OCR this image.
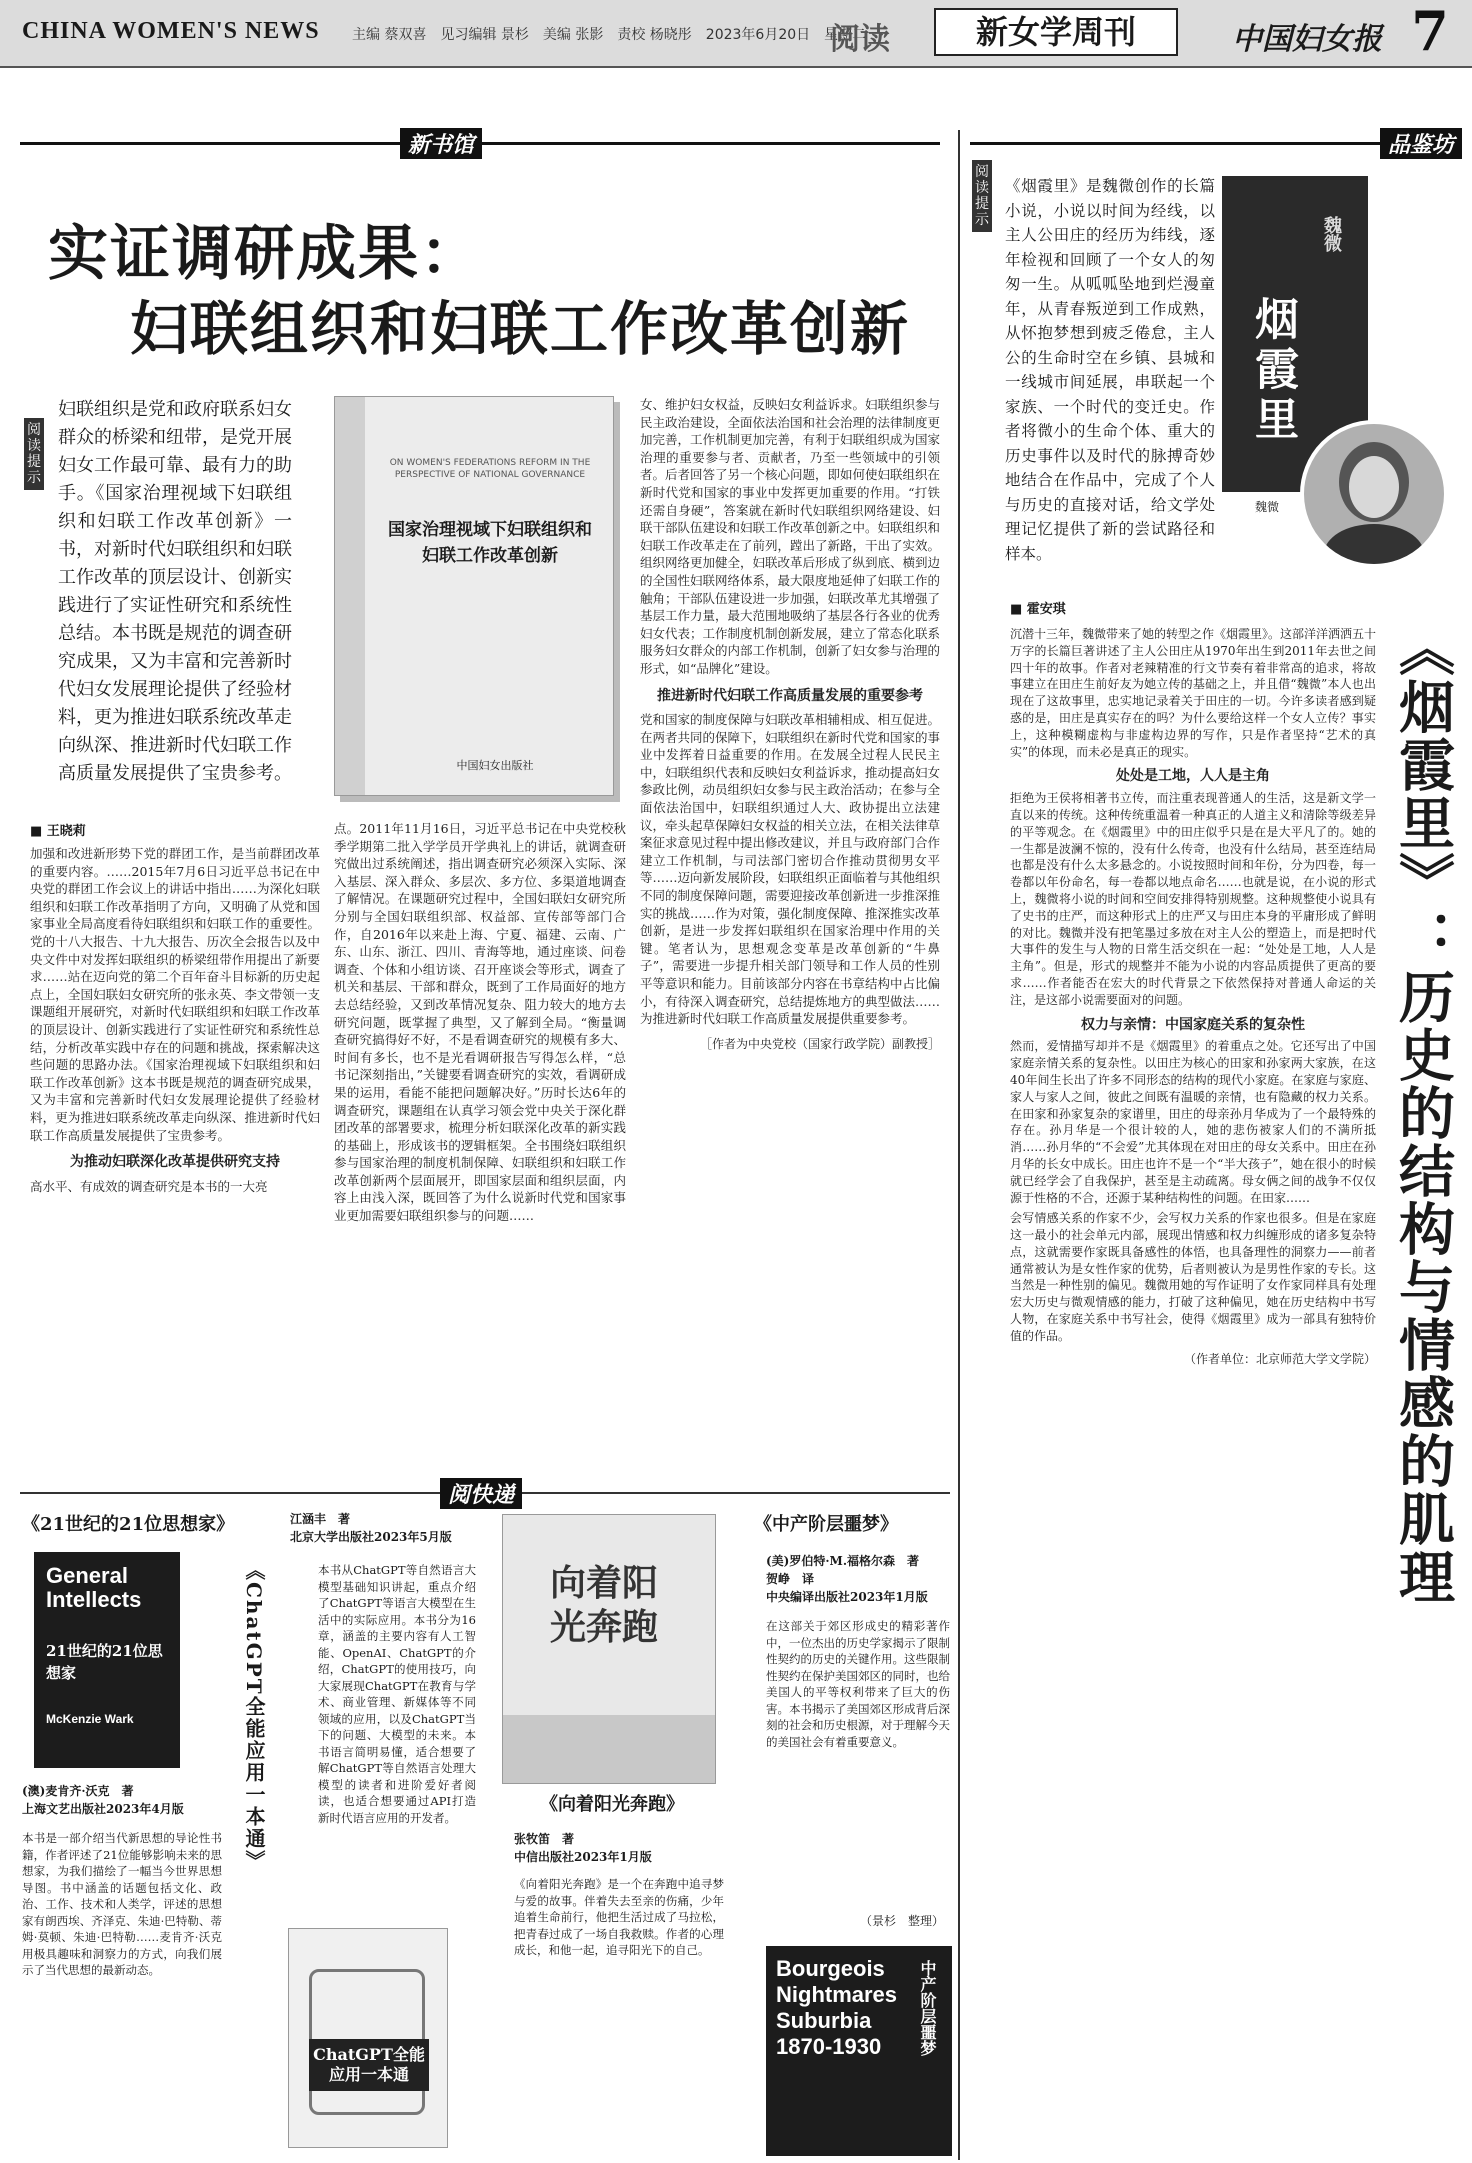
CHINA WOMEN'S NEWS 主编 蔡双喜　见习编辑 景杉　美编 张影　责校 杨晓彤　2023年6月20日　星期二
阅读	新女学周刊	中国妇女报 7
新书馆
实证调研成果：
妇联组织和妇联工作改革创新
阅读提示
妇联组织是党和政府联系妇女群众的桥梁和纽带，是党开展妇女工作最可靠、最有力的助手。《国家治理视域下妇联组织和妇联工作改革创新》一书，对新时代妇联组织和妇联工作改革的顶层设计、创新实践进行了实证性研究和系统性总结。本书既是规范的调查研究成果，又为丰富和完善新时代妇女发展理论提供了经验材料，更为推进妇联系统改革走向纵深、推进新时代妇联工作高质量发展提供了宝贵参考。
ON WOMEN'S FEDERATIONS REFORM IN THE PERSPECTIVE OF NATIONAL GOVERNANCE
国家治理视域下妇联组织和妇联工作改革创新
中国妇女出版社
■ 王晓莉
加强和改进新形势下党的群团工作，是当前群团改革的重要内容。……2015年7月6日习近平总书记在中央党的群团工作会议上的讲话中指出……为深化妇联组织和妇联工作改革指明了方向，又明确了从党和国家事业全局高度看待妇联组织和妇联工作的重要性。党的十八大报告、十九大报告、历次全会报告以及中央文件中对发挥妇联组织的桥梁纽带作用提出了新要求……站在迈向党的第二个百年奋斗目标新的历史起点上，全国妇联妇女研究所的张永英、李文带领一支课题组开展研究，对新时代妇联组织和妇联工作改革的顶层设计、创新实践进行了实证性研究和系统性总结，分析改革实践中存在的问题和挑战，探索解决这些问题的思路办法。《国家治理视域下妇联组织和妇联工作改革创新》这本书既是规范的调查研究成果，又为丰富和完善新时代妇女发展理论提供了经验材料，更为推进妇联系统改革走向纵深、推进新时代妇联工作高质量发展提供了宝贵参考。
为推动妇联深化改革提供研究支持
高水平、有成效的调查研究是本书的一大亮
点。2011年11月16日，习近平总书记在中央党校秋季学期第二批入学学员开学典礼上的讲话，就调查研究做出过系统阐述，指出调查研究必须深入实际、深入基层、深入群众、多层次、多方位、多渠道地调查了解情况。在课题研究过程中，全国妇联妇女研究所分别与全国妇联组织部、权益部、宣传部等部门合作，自2016年以来赴上海、宁夏、福建、云南、广东、山东、浙江、四川、青海等地，通过座谈、问卷调查、个体和小组访谈、召开座谈会等形式，调查了机关和基层、干部和群众，既到了工作局面好的地方去总结经验，又到改革情况复杂、阻力较大的地方去研究问题，既掌握了典型，又了解到全局。“衡量调查研究搞得好不好，不是看调查研究的规模有多大、时间有多长，也不是光看调研报告写得怎么样，“总书记深刻指出，”关键要看调查研究的实效，看调研成果的运用，看能不能把问题解决好。”历时长达6年的调查研究，课题组在认真学习领会党中央关于深化群团改革的部署要求，梳理分析妇联深化改革的新实践的基础上，形成该书的逻辑框架。全书围绕妇联组织参与国家治理的制度机制保障、妇联组织和妇联工作改革创新两个层面展开，即国家层面和组织层面，内容上由浅入深，既回答了为什么说新时代党和国家事业更加需要妇联组织参与的问题……
女、维护妇女权益，反映妇女利益诉求。妇联组织参与民主政治建设，全面依法治国和社会治理的法律制度更加完善，工作机制更加完善，有利于妇联组织成为国家治理的重要参与者、贡献者，乃至一些领域中的引领者。后者回答了另一个核心问题，即如何使妇联组织在新时代党和国家的事业中发挥更加重要的作用。“打铁还需自身硬”，答案就在新时代妇联组织网络建设、妇联干部队伍建设和妇联工作改革创新之中。妇联组织和妇联工作改革走在了前列，蹚出了新路，干出了实效。组织网络更加健全，妇联改革后形成了纵到底、横到边的全国性妇联网络体系，最大限度地延伸了妇联工作的触角；干部队伍建设进一步加强，妇联改革尤其增强了基层工作力量，最大范围地吸纳了基层各行各业的优秀妇女代表；工作制度机制创新发展，建立了常态化联系服务妇女群众的内部工作机制，创新了妇女参与治理的形式，如“品牌化”建设。
推进新时代妇联工作高质量发展的重要参考
党和国家的制度保障与妇联改革相辅相成、相互促进。在两者共同的保障下，妇联组织在新时代党和国家的事业中发挥着日益重要的作用。在发展全过程人民民主中，妇联组织代表和反映妇女利益诉求，推动提高妇女参政比例，动员组织妇女参与民主政治活动；在参与全面依法治国中，妇联组织通过人大、政协提出立法建议，牵头起草保障妇女权益的相关立法，在相关法律草案征求意见过程中提出修改建议，并且与政府部门合作建立工作机制，与司法部门密切合作推动贯彻男女平等……迈向新发展阶段，妇联组织正面临着与其他组织不同的制度保障问题，需要迎接改革创新进一步推深推实的挑战……作为对策，强化制度保障、推深推实改革创新，是进一步发挥妇联组织在国家治理中作用的关键。笔者认为，思想观念变革是改革创新的“牛鼻子”，需要进一步提升相关部门领导和工作人员的性别平等意识和能力。目前该部分内容在书章结构中占比偏小，有待深入调查研究，总结提炼地方的典型做法……为推进新时代妇联工作高质量发展提供重要参考。
［作者为中央党校（国家行政学院）副教授］
品鉴坊
阅读提示
《烟霞里》是魏微创作的长篇小说，小说以时间为经线，以主人公田庄的经历为纬线，逐年检视和回顾了一个女人的匆匆一生。从呱呱坠地到烂漫童年，从青春叛逆到工作成熟，从怀抱梦想到疲乏倦怠，主人公的生命时空在乡镇、县城和一线城市间延展，串联起一个家族、一个时代的变迁史。作者将微小的生命个体、重大的历史事件以及时代的脉搏奇妙地结合在作品中，完成了个人与历史的直接对话，给文学处理记忆提供了新的尝试路径和样本。
烟霞里
魏微
魏微
■ 霍安琪
《烟霞里》：历史的结构与情感的肌理
沉潜十三年，魏微带来了她的转型之作《烟霞里》。这部洋洋洒洒五十万字的长篇巨著讲述了主人公田庄从1970年出生到2011年去世之间四十年的故事。作者对老辣精准的行文节奏有着非常高的追求，将故事建立在田庄生前好友为她立传的基础之上，并且借“魏微”本人也出现在了这故事里，忠实地记录着关于田庄的一切。今许多读者感到疑惑的是，田庄是真实存在的吗？为什么要给这样一个女人立传？事实上，这种模糊虚构与非虚构边界的写作，只是作者坚持“艺术的真实”的体现，而未必是真正的现实。
处处是工地，人人是主角
拒绝为王侯将相著书立传，而注重表现普通人的生活，这是新文学一直以来的传统。这种传统重温着一种真正的人道主义和清除等级差异的平等观念。在《烟霞里》中的田庄似乎只是在是大平凡了的。她的一生都是波澜不惊的，没有什么传奇，也没有什么结局，甚至连结局也都是没有什么太多悬念的。小说按照时间和年份，分为四卷，每一卷都以年份命名，每一卷都以地点命名……也就是说，在小说的形式上，魏微将小说的时间和空间安排得特别规整。这种规整使小说具有了史书的庄严，而这种形式上的庄严又与田庄本身的平庸形成了鲜明的对比。魏微并没有把笔墨过多放在对主人公的塑造上，而是把时代大事件的发生与人物的日常生活交织在一起：“处处是工地，人人是主角”。但是，形式的规整并不能为小说的内容品质提供了更高的要求……作者能否在宏大的时代背景之下依然保持对普通人命运的关注，是这部小说需要面对的问题。
权力与亲情：中国家庭关系的复杂性
然而，爱情描写却并不是《烟霞里》的着重点之处。它还写出了中国家庭亲情关系的复杂性。以田庄为核心的田家和孙家两大家族，在这40年间生长出了许多不同形态的结构的现代小家庭。在家庭与家庭、家人与家人之间，彼此之间既有温暖的亲情，也有隐藏的权力关系。在田家和孙家复杂的家谱里，田庄的母亲孙月华成为了一个最特殊的存在。孙月华是一个很计较的人，她的悲伤被家人们的不满所抵消……孙月华的“不会爱”尤其体现在对田庄的母女关系中。田庄在孙月华的长女中成长。田庄也许不是一个“半大孩子”，她在很小的时候就已经学会了自我保护，甚至是主动疏离。母女俩之间的战争不仅仅源于性格的不合，还源于某种结构性的问题。在田家……

会写情感关系的作家不少，会写权力关系的作家也很多。但是在家庭这一最小的社会单元内部，展现出情感和权力纠缠形成的诸多复杂特点，这就需要作家既具备感性的体悟，也具备理性的洞察力——前者通常被认为是女性作家的优势，后者则被认为是男性作家的专长。这当然是一种性别的偏见。魏微用她的写作证明了女作家同样具有处理宏大历史与微观情感的能力，打破了这种偏见，她在历史结构中书写人物，在家庭关系中书写社会，使得《烟霞里》成为一部具有独特价值的作品。

（作者单位：北京师范大学文学院）
阅快递
《21世纪的21位思想家》
General Intellects
21世纪的21位思想家
McKenzie Wark
(澳)麦肯齐·沃克　著
上海文艺出版社2023年4月版
本书是一部介绍当代新思想的导论性书籍，作者评述了21位能够影响未来的思想家，为我们描绘了一幅当今世界思想导图。书中涵盖的话题包括文化、政治、工作、技术和人类学，评述的思想家有朗西埃、齐泽克、朱迪·巴特勒、蒂姆·莫顿、朱迪·巴特勒……麦肯齐·沃克用极具趣味和洞察力的方式，向我们展示了当代思想的最新动态。
江涵丰　著
北京大学出版社2023年5月版
《ChatGPT全能应用一本通》	本书从ChatGPT等自然语言大模型基础知识讲起，重点介绍了ChatGPT等语言大模型在生活中的实际应用。本书分为16章，涵盖的主要内容有人工智能、OpenAI、ChatGPT的介绍，ChatGPT的使用技巧，向大家展现ChatGPT在教育与学术、商业管理、新媒体等不同领域的应用，以及ChatGPT当下的问题、大模型的未来。本书语言简明易懂，适合想要了解ChatGPT等自然语言处理大模型的读者和进阶爱好者阅读，也适合想要通过API打造新时代语言应用的开发者。
ChatGPT全能应用一本通
向着阳光奔跑
《向着阳光奔跑》
张牧笛　著
中信出版社2023年1月版
《向着阳光奔跑》是一个在奔跑中追寻梦与爱的故事。伴着失去至亲的伤痛，少年追着生命前行，他把生活过成了马拉松，把青春过成了一场自我救赎。作者的心理成长，和他一起，追寻阳光下的自己。
《中产阶层噩梦》
(美)罗伯特·M.福格尔森　著
贺峥　译
中央编译出版社2023年1月版
在这部关于郊区形成史的精彩著作中，一位杰出的历史学家揭示了限制性契约的历史的关键作用。这些限制性契约在保护美国郊区的同时，也给美国人的平等权利带来了巨大的伤害。本书揭示了美国郊区形成背后深刻的社会和历史根源，对于理解今天的美国社会有着重要意义。
（景杉　整理）
Bourgeois Nightmares Suburbia 1870-1930	中产阶层噩梦
